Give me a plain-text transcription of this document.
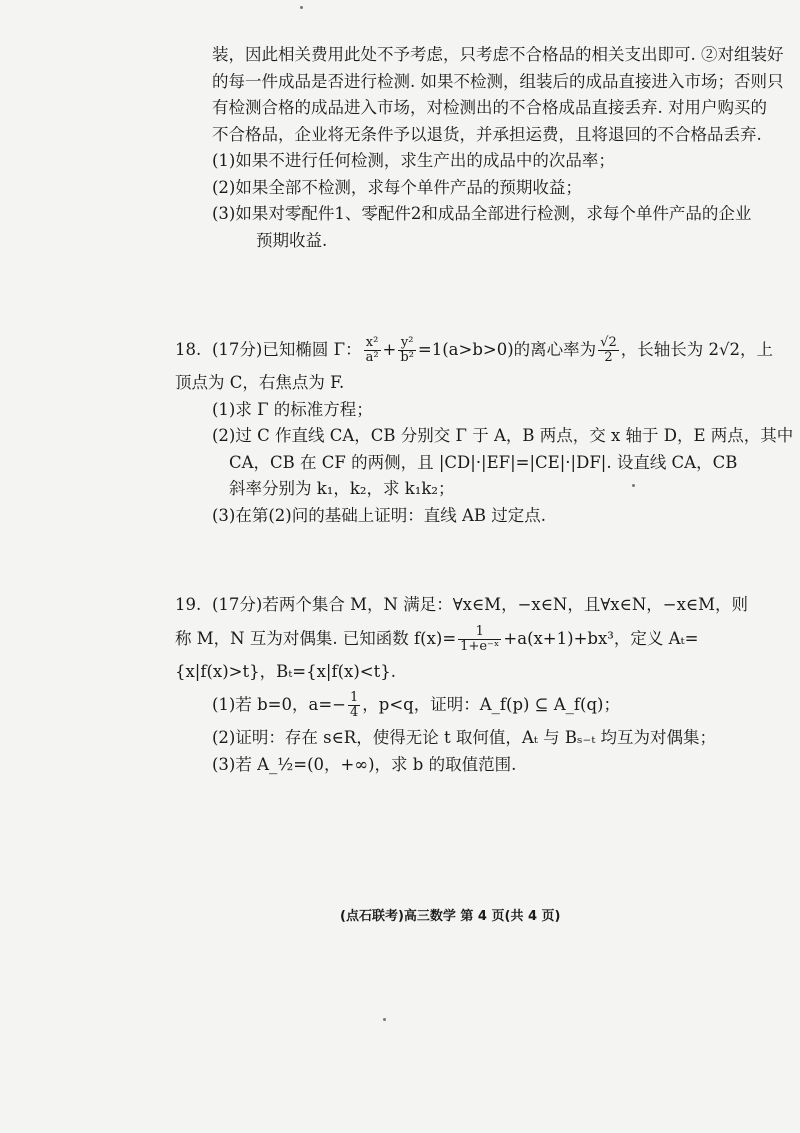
装，因此相关费用此处不予考虑，只考虑不合格品的相关支出即可. ②对组装好
的每一件成品是否进行检测. 如果不检测，组装后的成品直接进入市场；否则只
有检测合格的成品进入市场，对检测出的不合格成品直接丢弃. 对用户购买的
不合格品，企业将无条件予以退货，并承担运费，且将退回的不合格品丢弃.
(1)如果不进行任何检测，求生产出的成品中的次品率；
(2)如果全部不检测，求每个单件产品的预期收益；
(3)如果对零配件1、零配件2和成品全部进行检测，求每个单件产品的企业
预期收益.
18. (17分)已知椭圆 Γ： $\frac{\text{x²}}{\text{a²}} + \frac{\text{y²}}{\text{b²}} =1(a>b>0)$的离心率为 $\frac{√2}{2}$ ，长轴长为 2√2，上
顶点为 C，右焦点为 F.
(1)求 Γ 的标准方程；
(2)过 C 作直线 CA，CB 分别交 Γ 于 A，B 两点，交 x 轴于 D，E 两点，其中
CA，CB 在 CF 的两侧，且 |CD|·|EF|=|CE|·|DF|. 设直线 CA，CB
斜率分别为 k₁，k₂，求 k₁k₂；
(3)在第(2)问的基础上证明：直线 AB 过定点.
19. (17分)若两个集合 M，N 满足：∀x∈M，−x∈N，且∀x∈N，−x∈M，则
称 M，N 互为对偶集. 已知函数 $f(x)= \frac{1}{\text{1+e⁻ˣ}} +a(x+1)+bx^3$，定义 Aₜ=
{x|f(x)>t}，Bₜ={x|f(x)<t}.
(1)若 b=0，$a=- \frac{1}{4}$ ，p<q，证明：A_f(p) ⊆ A_f(q)；
(2)证明：存在 s∈R，使得无论 t 取何值，Aₜ 与 Bₛ₋ₜ 均互为对偶集；
(3)若 A_½=(0，+∞)，求 b 的取值范围.
(点石联考)高三数学 第 4 页(共 4 页)
